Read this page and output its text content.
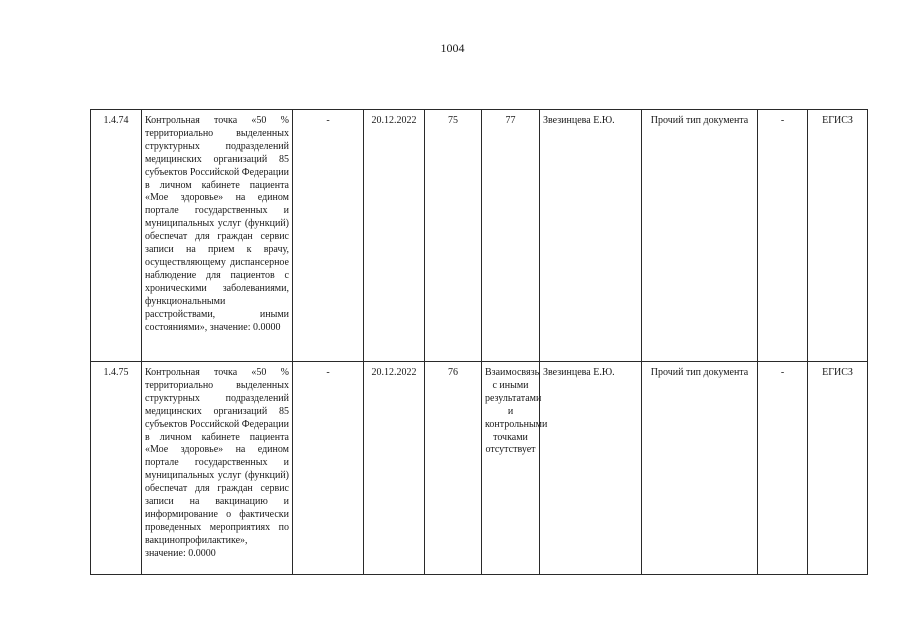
1004
1.4.74	Контрольная точка «50 % территориально выделенных структурных подразделений медицинских организаций 85 субъектов Российской Федерации в личном кабинете пациента «Мое здоровье» на едином портале государственных и муниципальных услуг (функций) обеспечат для граждан сервис записи на прием к врачу, осуществляющему диспансерное наблюдение для пациентов с хроническими заболеваниями, функциональными расстройствами, иными состояниями», значение: 0.0000	-	20.12.2022	75	77	Звезинцева Е.Ю.	Прочий тип документа	-	ЕГИСЗ
1.4.75	Контрольная точка «50 % территориально выделенных структурных подразделений медицинских организаций 85 субъектов Российской Федерации в личном кабинете пациента «Мое здоровье» на едином портале государственных и муниципальных услуг (функций) обеспечат для граждан сервис записи на вакцинацию и информирование о фактически проведенных мероприятиях по вакцинопрофилактике», значение: 0.0000	-	20.12.2022	76	Взаимосвязь с иными результатами и контрольными точками отсутствует	Звезинцева Е.Ю.	Прочий тип документа	-	ЕГИСЗ
